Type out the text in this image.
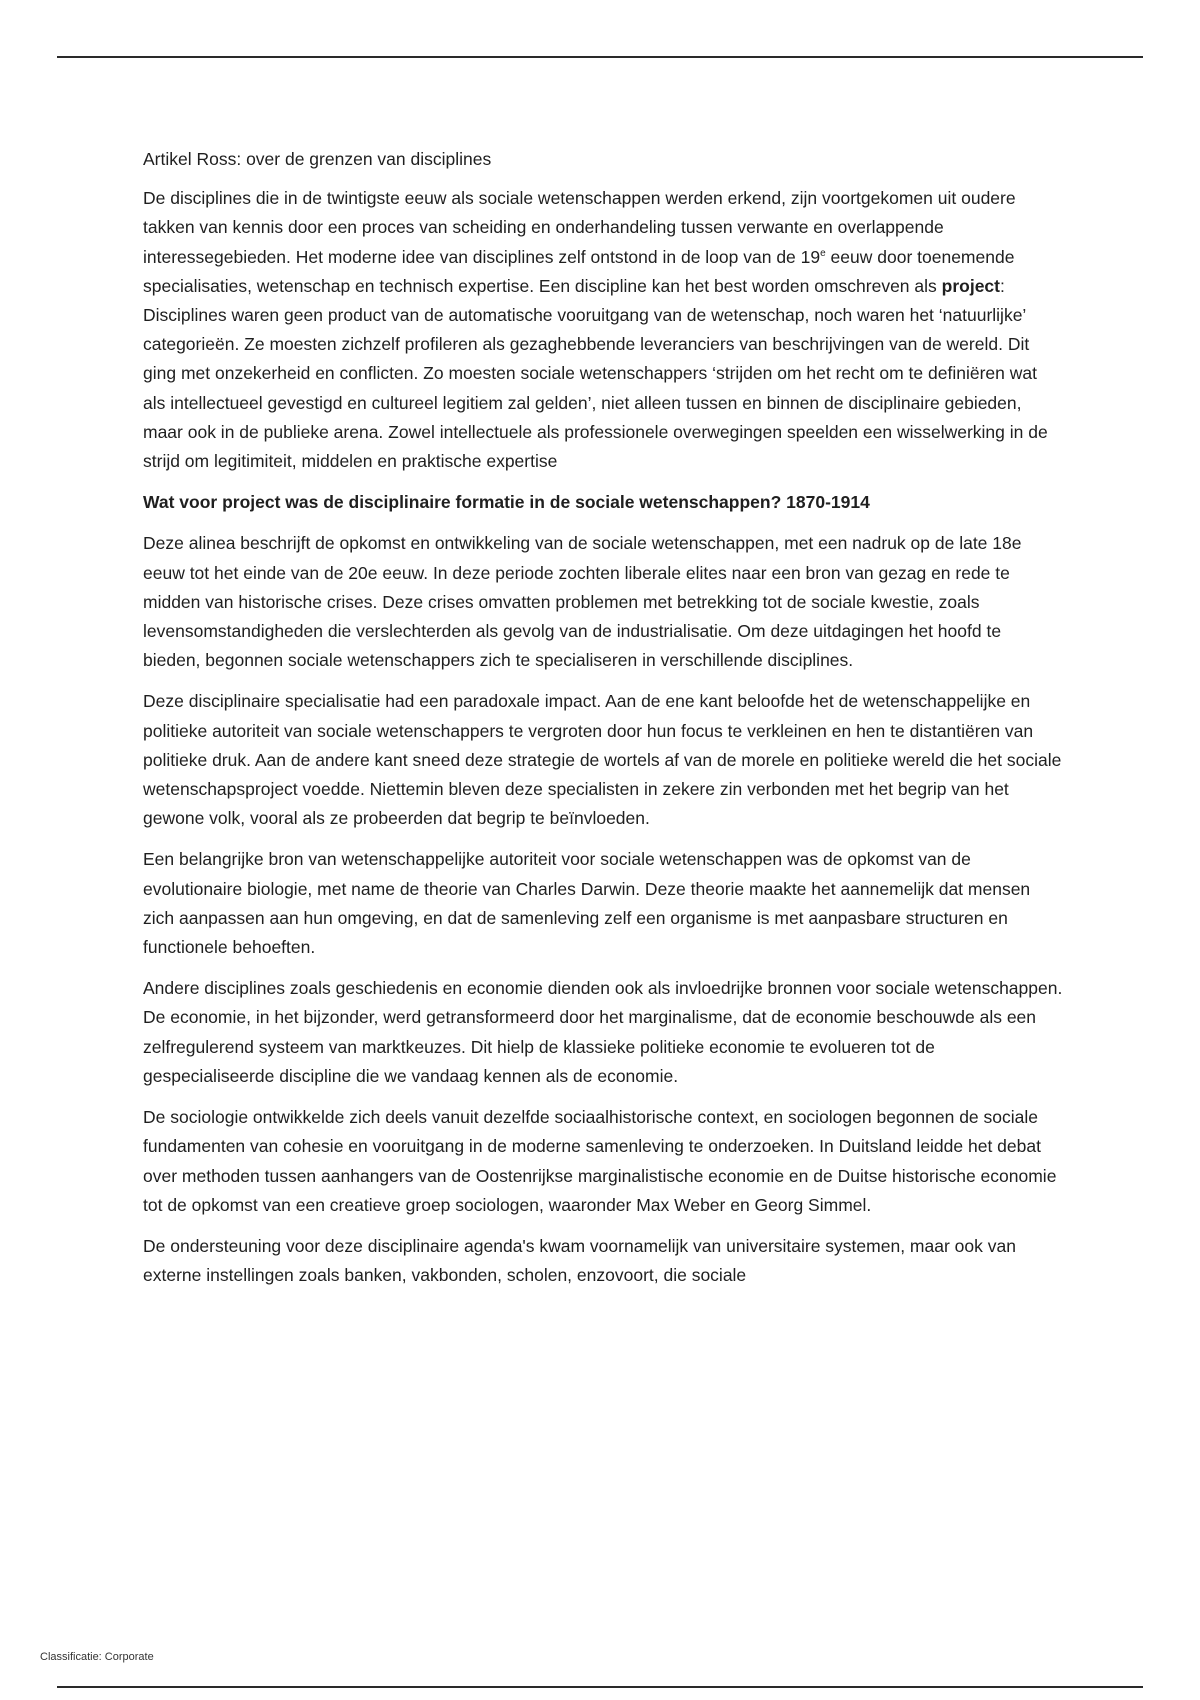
Artikel Ross: over de grenzen van disciplines

De disciplines die in de twintigste eeuw als sociale wetenschappen werden erkend, zijn voortgekomen uit oudere takken van kennis door een proces van scheiding en onderhandeling tussen verwante en overlappende interessegebieden. Het moderne idee van disciplines zelf ontstond in de loop van de 19e eeuw door toenemende specialisaties, wetenschap en technisch expertise. Een discipline kan het best worden omschreven als project: Disciplines waren geen product van de automatische vooruitgang van de wetenschap, noch waren het ‘natuurlijke’ categorieën. Ze moesten zichzelf profileren als gezaghebbende leveranciers van beschrijvingen van de wereld. Dit ging met onzekerheid en conflicten. Zo moesten sociale wetenschappers ‘strijden om het recht om te definiëren wat als intellectueel gevestigd en cultureel legitiem zal gelden’, niet alleen tussen en binnen de disciplinaire gebieden, maar ook in de publieke arena. Zowel intellectuele als professionele overwegingen speelden een wisselwerking in de strijd om legitimiteit, middelen en praktische expertise

Wat voor project was de disciplinaire formatie in de sociale wetenschappen? 1870-1914

Deze alinea beschrijft de opkomst en ontwikkeling van de sociale wetenschappen, met een nadruk op de late 18e eeuw tot het einde van de 20e eeuw. In deze periode zochten liberale elites naar een bron van gezag en rede te midden van historische crises. Deze crises omvatten problemen met betrekking tot de sociale kwestie, zoals levensomstandigheden die verslechterden als gevolg van de industrialisatie. Om deze uitdagingen het hoofd te bieden, begonnen sociale wetenschappers zich te specialiseren in verschillende disciplines.

Deze disciplinaire specialisatie had een paradoxale impact. Aan de ene kant beloofde het de wetenschappelijke en politieke autoriteit van sociale wetenschappers te vergroten door hun focus te verkleinen en hen te distantiëren van politieke druk. Aan de andere kant sneed deze strategie de wortels af van de morele en politieke wereld die het sociale wetenschapsproject voedde. Niettemin bleven deze specialisten in zekere zin verbonden met het begrip van het gewone volk, vooral als ze probeerden dat begrip te beïnvloeden.

Een belangrijke bron van wetenschappelijke autoriteit voor sociale wetenschappen was de opkomst van de evolutionaire biologie, met name de theorie van Charles Darwin. Deze theorie maakte het aannemelijk dat mensen zich aanpassen aan hun omgeving, en dat de samenleving zelf een organisme is met aanpasbare structuren en functionele behoeften.

Andere disciplines zoals geschiedenis en economie dienden ook als invloedrijke bronnen voor sociale wetenschappen. De economie, in het bijzonder, werd getransformeerd door het marginalisme, dat de economie beschouwde als een zelfregulerend systeem van marktkeuzes. Dit hielp de klassieke politieke economie te evolueren tot de gespecialiseerde discipline die we vandaag kennen als de economie.

De sociologie ontwikkelde zich deels vanuit dezelfde sociaalhistorische context, en sociologen begonnen de sociale fundamenten van cohesie en vooruitgang in de moderne samenleving te onderzoeken. In Duitsland leidde het debat over methoden tussen aanhangers van de Oostenrijkse marginalistische economie en de Duitse historische economie tot de opkomst van een creatieve groep sociologen, waaronder Max Weber en Georg Simmel.

De ondersteuning voor deze disciplinaire agenda's kwam voornamelijk van universitaire systemen, maar ook van externe instellingen zoals banken, vakbonden, scholen, enzovoort, die sociale

Classificatie: Corporate
